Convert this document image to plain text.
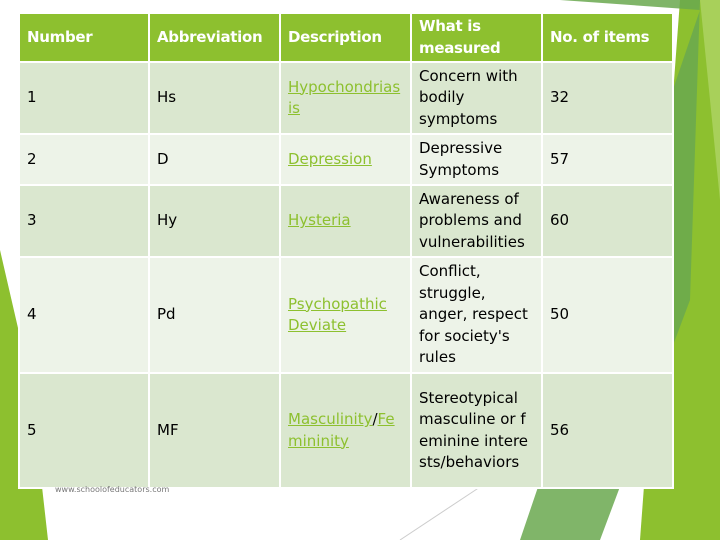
Number	Abbreviation	Description	What is measured	No. of items
1	Hs	Hypochondriasis	Concern with bodily symptoms	32
2	D	Depression	Depressive Symptoms	57
3	Hy	Hysteria	Awareness of problems and vulnerabilities	60
4	Pd	Psychopathic Deviate	Conflict, struggle, anger, respect for society's rules	50
5	MF	Masculinity/Femininity	Stereotypical masculine or feminine interests/behaviors	56
www.schoolofeducators.com
